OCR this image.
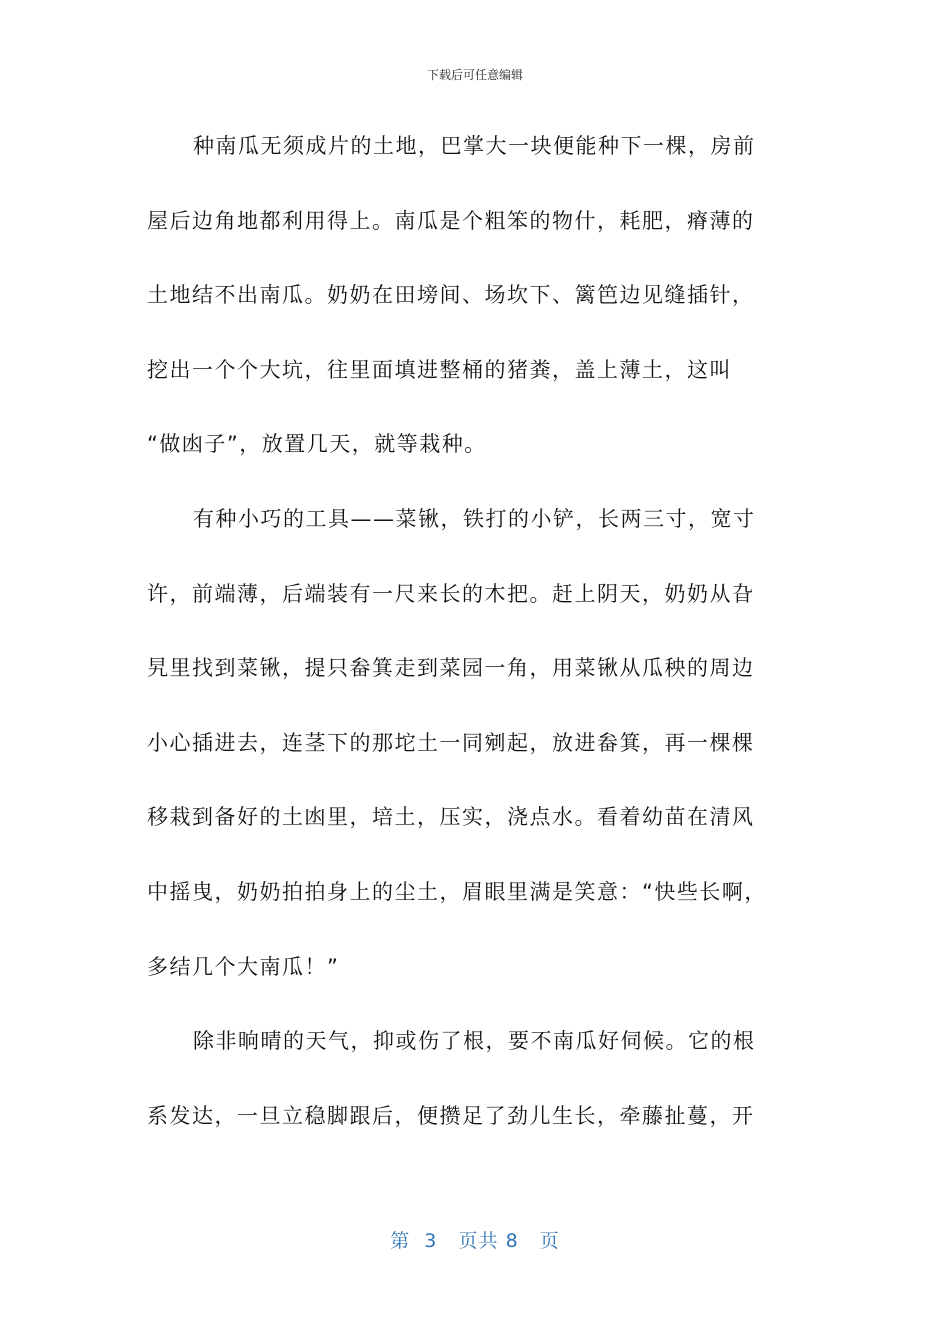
下载后可任意编辑
种南瓜无须成片的土地，巴掌大一块便能种下一棵，房前
屋后边角地都利用得上。南瓜是个粗笨的物什，耗肥，瘠薄的
土地结不出南瓜。奶奶在田塝间、场坎下、篱笆边见缝插针，
挖出一个个大坑，往里面填进整桶的猪粪，盖上薄土，这叫
“做凼子”，放置几天，就等栽种。
有种小巧的工具——菜锹，铁打的小铲，长两三寸，宽寸
许，前端薄，后端装有一尺来长的木把。赶上阴天，奶奶从旮
旯里找到菜锹，提只畚箕走到菜园一角，用菜锹从瓜秧的周边
小心插进去，连茎下的那坨土一同剜起，放进畚箕，再一棵棵
移栽到备好的土凼里，培土，压实，浇点水。看着幼苗在清风
中摇曳，奶奶拍拍身上的尘土，眉眼里满是笑意：“快些长啊，
多结几个大南瓜！”
除非晌晴的天气，抑或伤了根，要不南瓜好伺候。它的根
系发达，一旦立稳脚跟后，便攒足了劲儿生长，牵藤扯蔓，开
第 3 页共 8 页
